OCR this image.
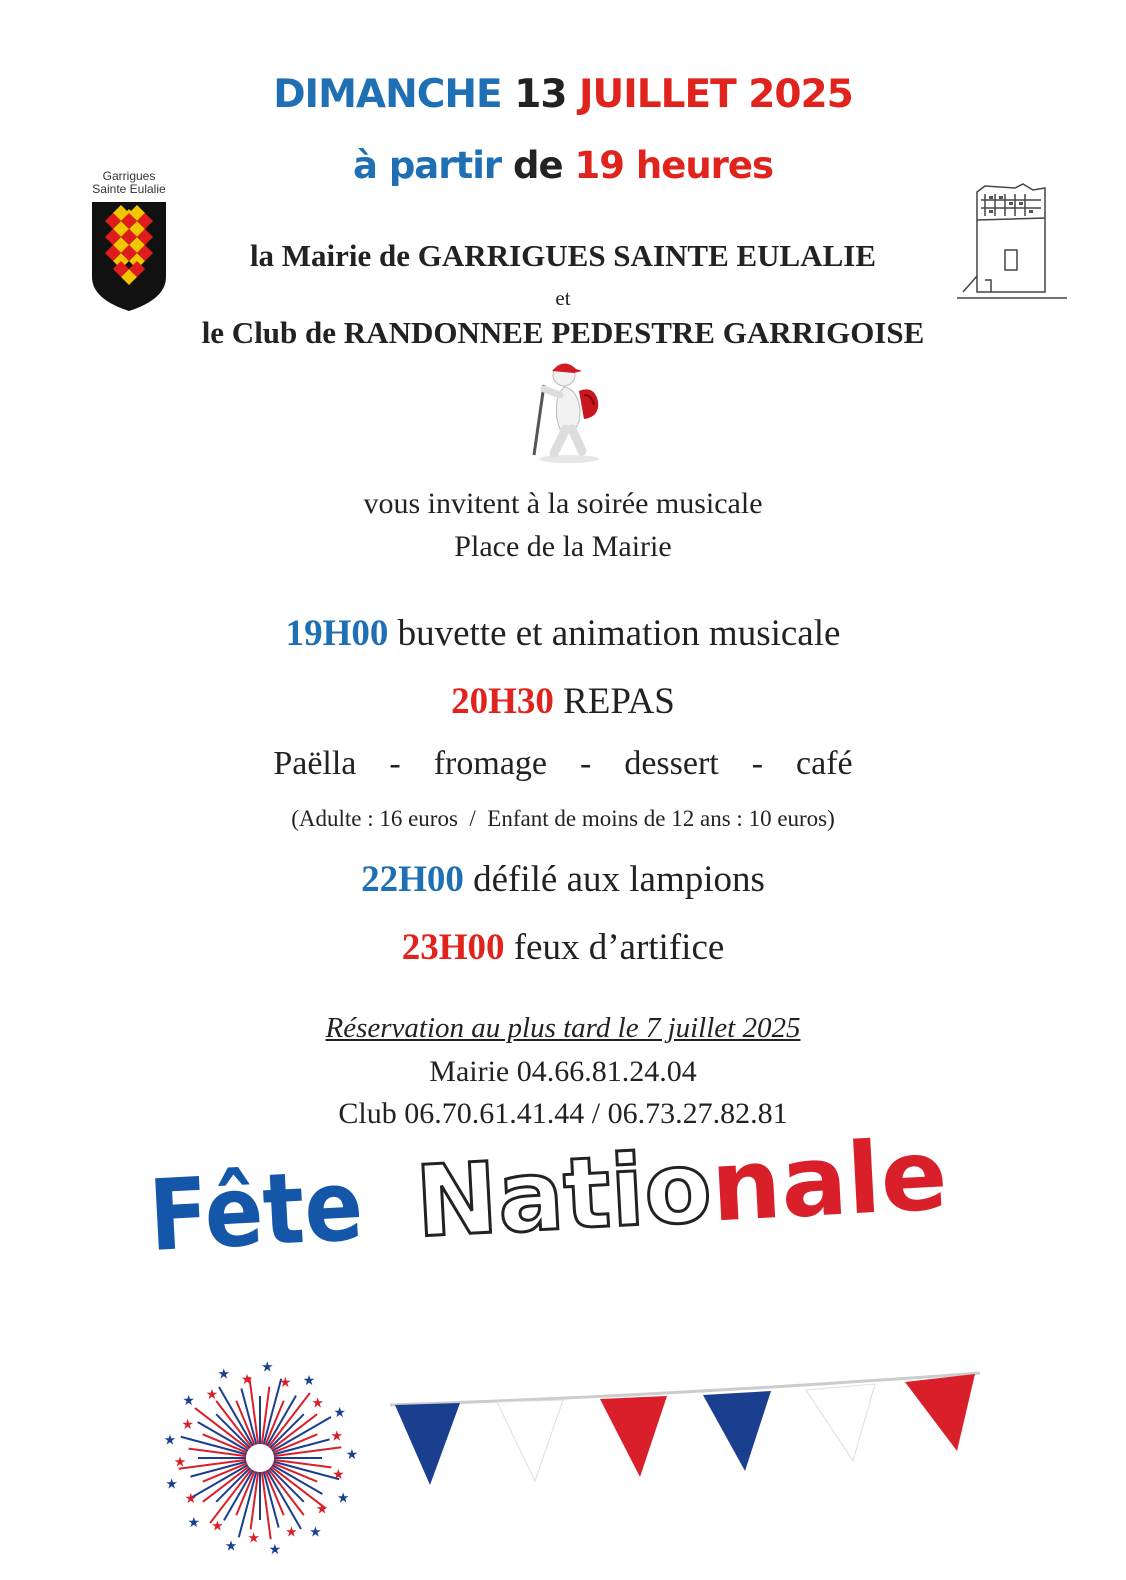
DIMANCHE 13 JUILLET 2025
à partir de 19 heures
Garrigues
Sainte Eulalie
la Mairie de GARRIGUES SAINTE EULALIE
et
le Club de RANDONNEE PEDESTRE GARRIGOISE
vous invitent à la soirée musicale
Place de la Mairie
19H00 buvette et animation musicale
20H30 REPAS
Paëlla  -  fromage  -  dessert  -  café
(Adulte : 16 euros  /  Enfant de moins de 12 ans : 10 euros)
22H00 défilé aux lampions
23H00 feux d’artifice
Réservation au plus tard le 7 juillet 2025
Mairie 04.66.81.24.04
Club 06.70.61.41.44 / 06.73.27.82.81
Fête Nationale
★
★
★
★
★
★
★
★
★
★
★
★
★
★
★
★ ★
★ ★
★
★ ★
★
★
★
★
